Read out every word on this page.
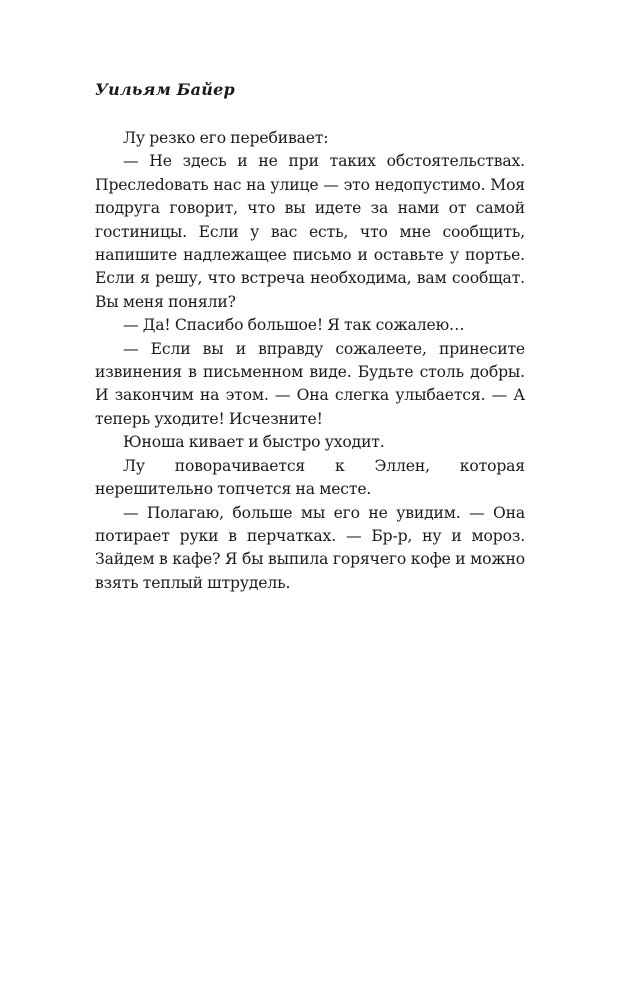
Уильям Байер

Лу резко его перебивает:

— Не здесь и не при таких обстоятельствах. Преслеdовать нас на улице — это недопустимо. Моя подруга говорит, что вы идете за нами от самой гостиницы. Если у вас есть, что мне сообщить, напишите надлежащее письмо и оставьте у портье. Если я решу, что встреча необходима, вам сообщат. Вы меня поняли?

— Да! Спасибо большое! Я так сожалею…

— Если вы и вправду сожалеете, принесите извинения в письменном виде. Будьте столь добры. И закончим на этом. — Она слегка улыбается. — А теперь уходите! Исчезните!

Юноша кивает и быстро уходит.

Лу поворачивается к Эллен, которая нерешительно топчется на месте.

— Полагаю, больше мы его не увидим. — Она потирает руки в перчатках. — Бр-р, ну и мороз. Зайдем в кафе? Я бы выпила горячего кофе и можно взять теплый штрудель.
